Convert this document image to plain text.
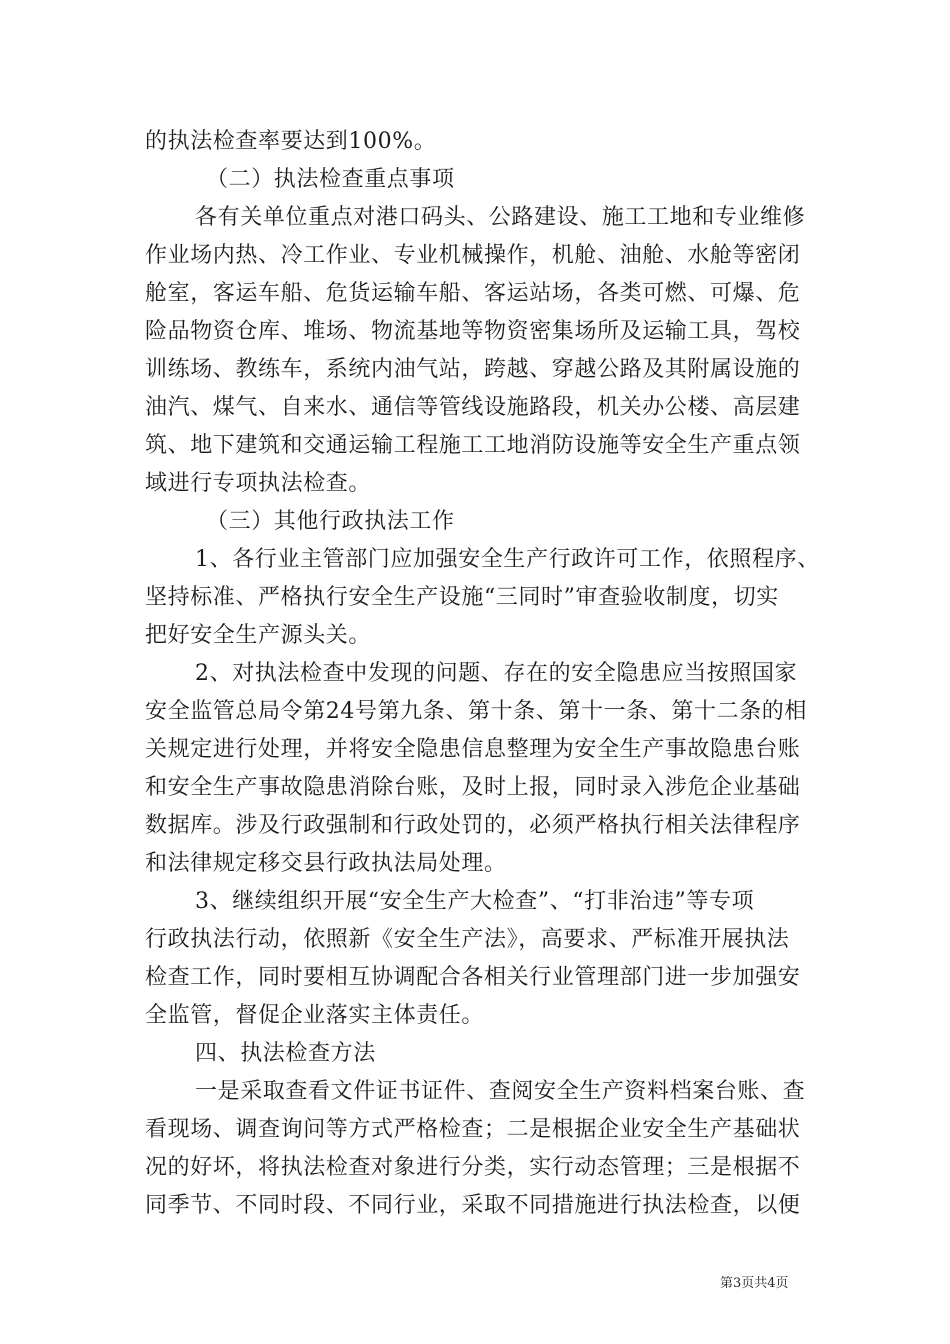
的执法检查率要达到100%。
（二）执法检查重点事项
各有关单位重点对港口码头、公路建设、施工工地和专业维修
作业场内热、冷工作业、专业机械操作，机舱、油舱、水舱等密闭
舱室，客运车船、危货运输车船、客运站场，各类可燃、可爆、危
险品物资仓库、堆场、物流基地等物资密集场所及运输工具，驾校
训练场、教练车，系统内油气站，跨越、穿越公路及其附属设施的
油汽、煤气、自来水、通信等管线设施路段，机关办公楼、高层建
筑、地下建筑和交通运输工程施工工地消防设施等安全生产重点领
域进行专项执法检查。
（三）其他行政执法工作
1、各行业主管部门应加强安全生产行政许可工作，依照程序、
坚持标准、严格执行安全生产设施“三同时”审查验收制度，切实
把好安全生产源头关。
2、对执法检查中发现的问题、存在的安全隐患应当按照国家
安全监管总局令第24号第九条、第十条、第十一条、第十二条的相
关规定进行处理，并将安全隐患信息整理为安全生产事故隐患台账
和安全生产事故隐患消除台账，及时上报，同时录入涉危企业基础
数据库。涉及行政强制和行政处罚的，必须严格执行相关法律程序
和法律规定移交县行政执法局处理。
3、继续组织开展“安全生产大检查”、“打非治违”等专项
行政执法行动，依照新《安全生产法》，高要求、严标准开展执法
检查工作，同时要相互协调配合各相关行业管理部门进一步加强安
全监管，督促企业落实主体责任。
四、执法检查方法
一是采取查看文件证书证件、查阅安全生产资料档案台账、查
看现场、调查询问等方式严格检查；二是根据企业安全生产基础状
况的好坏，将执法检查对象进行分类，实行动态管理；三是根据不
同季节、不同时段、不同行业，采取不同措施进行执法检查，以便
第3页共4页
